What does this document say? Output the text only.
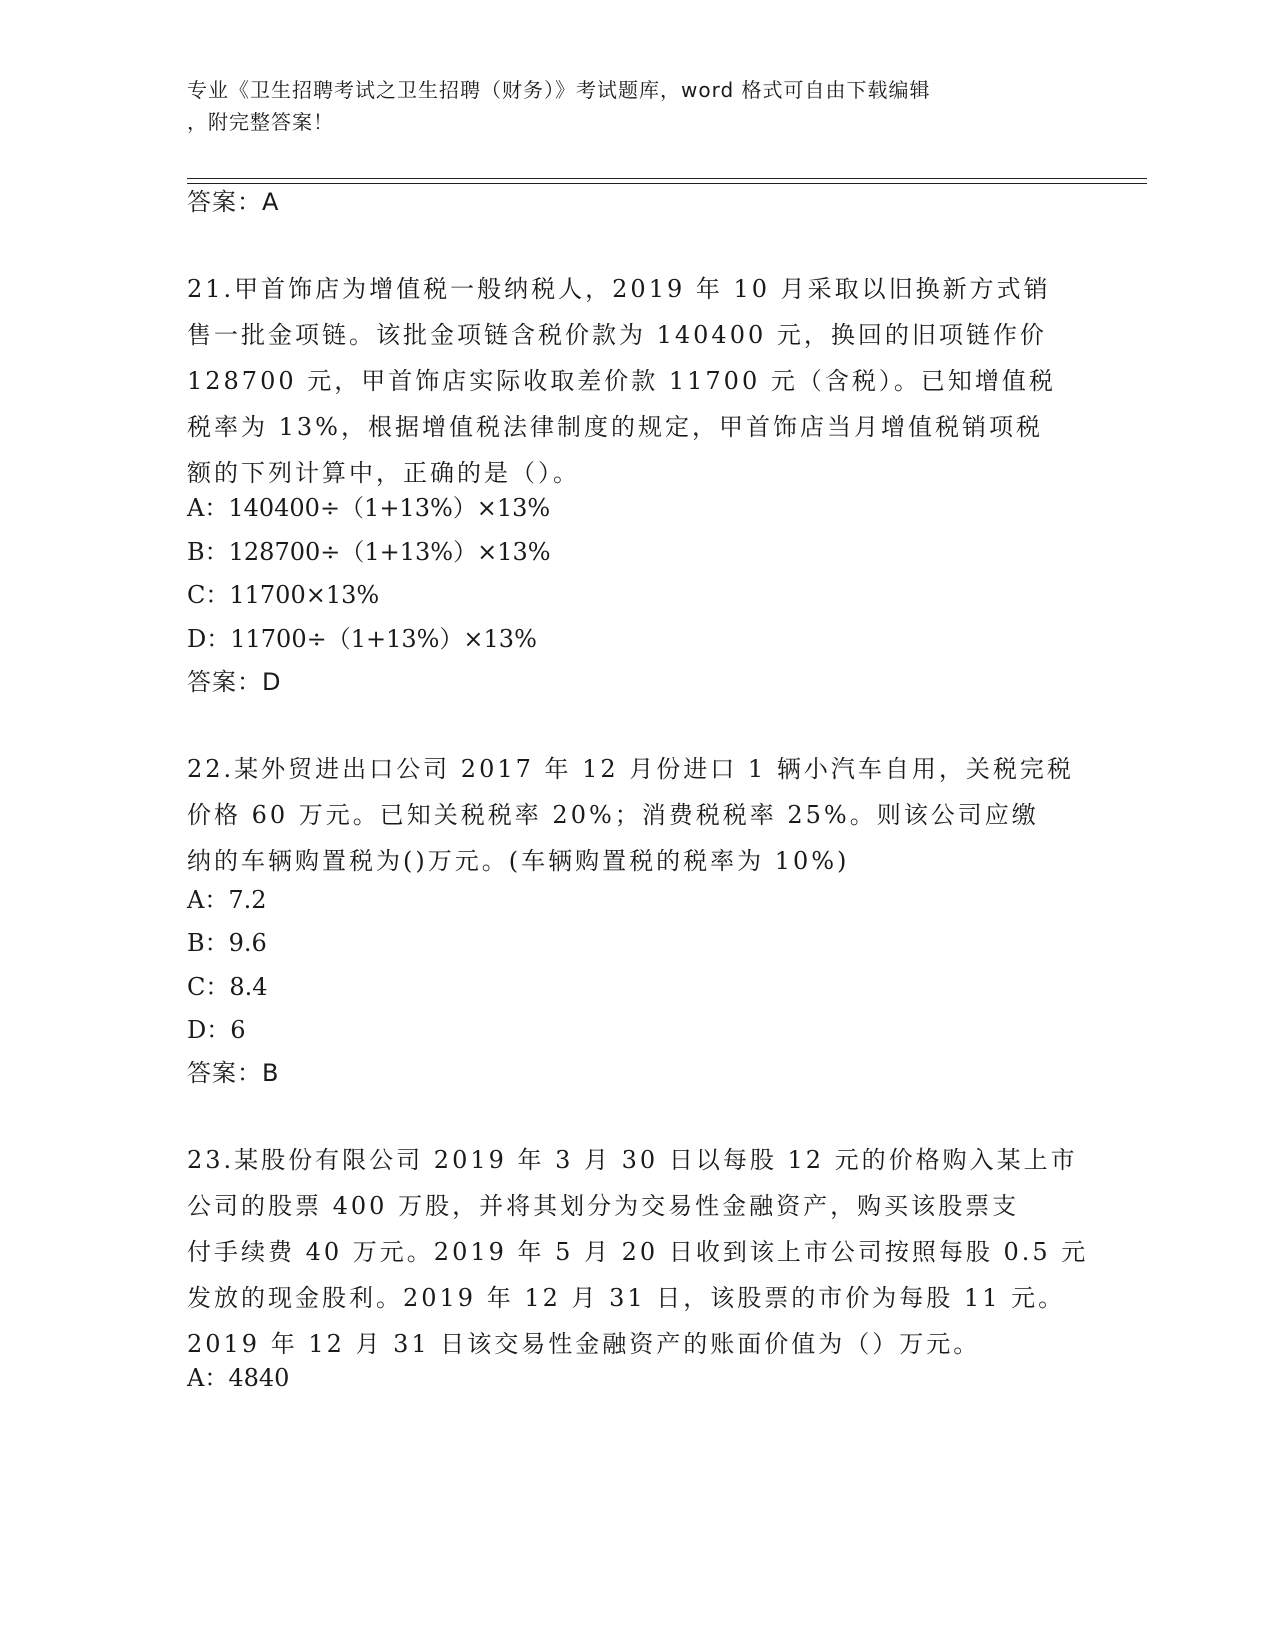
专业《卫生招聘考试之卫生招聘（财务）》考试题库，word 格式可自由下载编辑
，附完整答案！
答案：A
21.甲首饰店为增值税一般纳税人，2019 年 10 月采取以旧换新方式销
售一批金项链。该批金项链含税价款为 140400 元，换回的旧项链作价
128700 元，甲首饰店实际收取差价款 11700 元（含税）。已知增值税
税率为 13%，根据增值税法律制度的规定，甲首饰店当月增值税销项税
额的下列计算中，正确的是（）。
A：140400÷（1+13%）×13%
B：128700÷（1+13%）×13%
C：11700×13%
D：11700÷（1+13%）×13%
答案：D
22.某外贸进出口公司 2017 年 12 月份进口 1 辆小汽车自用，关税完税
价格 60 万元。已知关税税率 20%；消费税税率 25%。则该公司应缴
纳的车辆购置税为()万元。(车辆购置税的税率为 10%)
A：7.2
B：9.6
C：8.4
D：6
答案：B
23.某股份有限公司 2019 年 3 月 30 日以每股 12 元的价格购入某上市
公司的股票 400 万股，并将其划分为交易性金融资产，购买该股票支
付手续费 40 万元。2019 年 5 月 20 日收到该上市公司按照每股 0.5 元
发放的现金股利。2019 年 12 月 31 日，该股票的市价为每股 11 元。
2019 年 12 月 31 日该交易性金融资产的账面价值为（）万元。
A：4840
